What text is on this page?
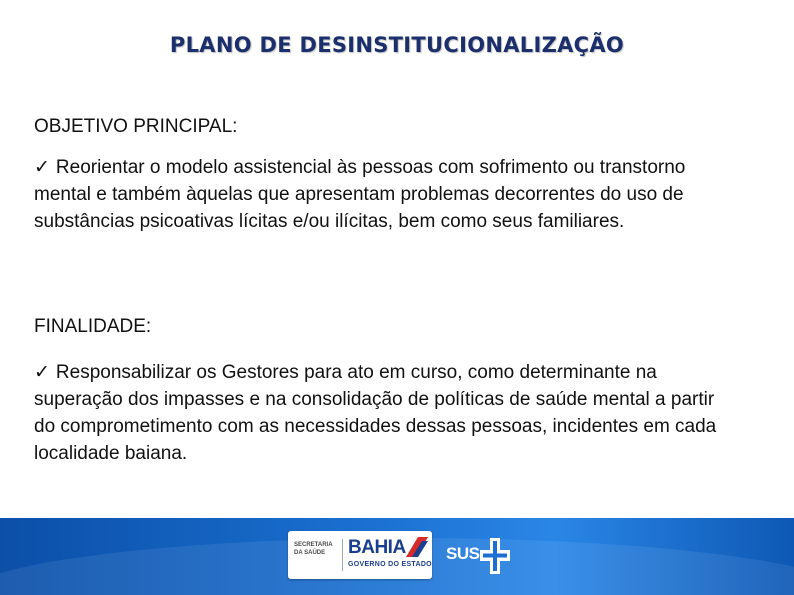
PLANO DE DESINSTITUCIONALIZAÇÃO
OBJETIVO PRINCIPAL:
✓ Reorientar o modelo assistencial às pessoas com sofrimento ou transtorno mental e também àquelas que apresentam problemas decorrentes do uso de substâncias psicoativas lícitas e/ou ilícitas, bem como seus familiares.
FINALIDADE:
✓ Responsabilizar os Gestores para ato em curso, como determinante na superação dos impasses e na consolidação de políticas de saúde mental a partir do comprometimento com as necessidades dessas pessoas, incidentes em cada localidade baiana.
SECRETARIA DA SAÚDE	BAHIA
GOVERNO DO ESTADO
SUS
